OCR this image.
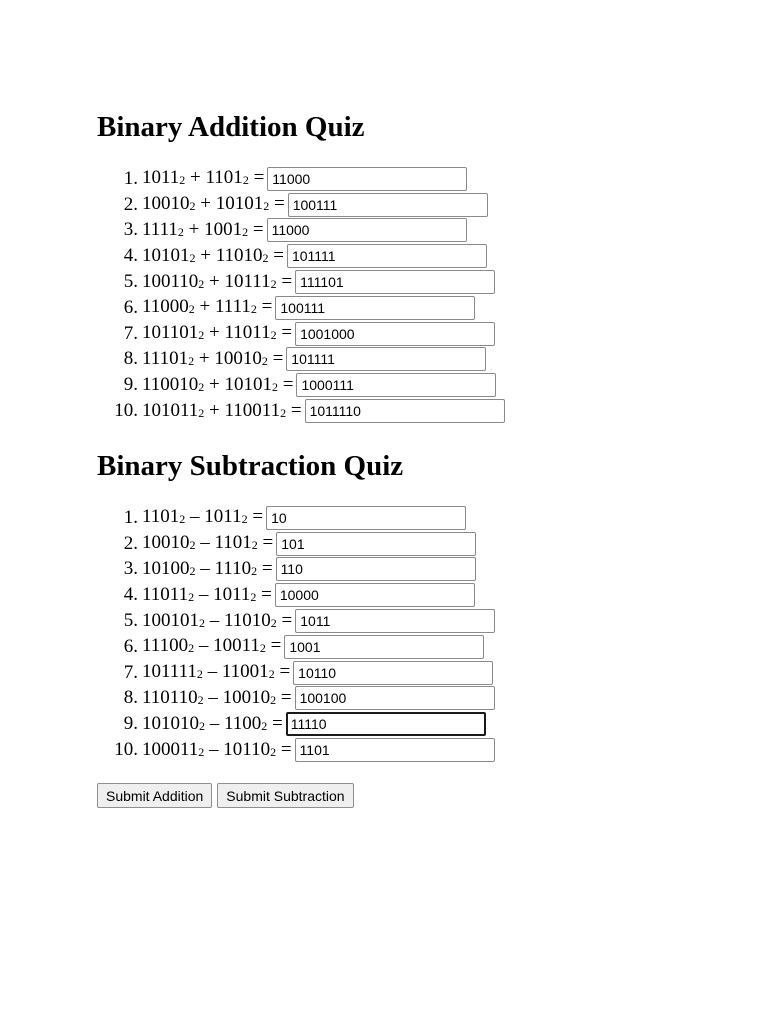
Binary Addition Quiz
1. 10112 + 11012 =
11000
2. 100102 + 101012 =
100111
3. 11112 + 10012 =
11000
4. 101012 + 110102 =
101111
5. 1001102 + 101112 =
111101
6. 110002 + 11112 =
100111
7. 1011012 + 110112 =
1001000
8. 111012 + 100102 =
101111
9. 1100102 + 101012 =
1000111
10. 1010112 + 1100112 =
1011110
Binary Subtraction Quiz
1. 11012 – 10112 =
10
2. 100102 – 11012 =
101
3. 101002 – 11102 =
110
4. 110112 – 10112 =
10000
5. 1001012 – 110102 =
1011
6. 111002 – 100112 =
1001
7. 1011112 – 110012 =
10110
8. 1101102 – 100102 =
100100
9. 1010102 – 11002 =
11110
10. 1000112 – 101102 =
1101
Submit Addition	Submit Subtraction
